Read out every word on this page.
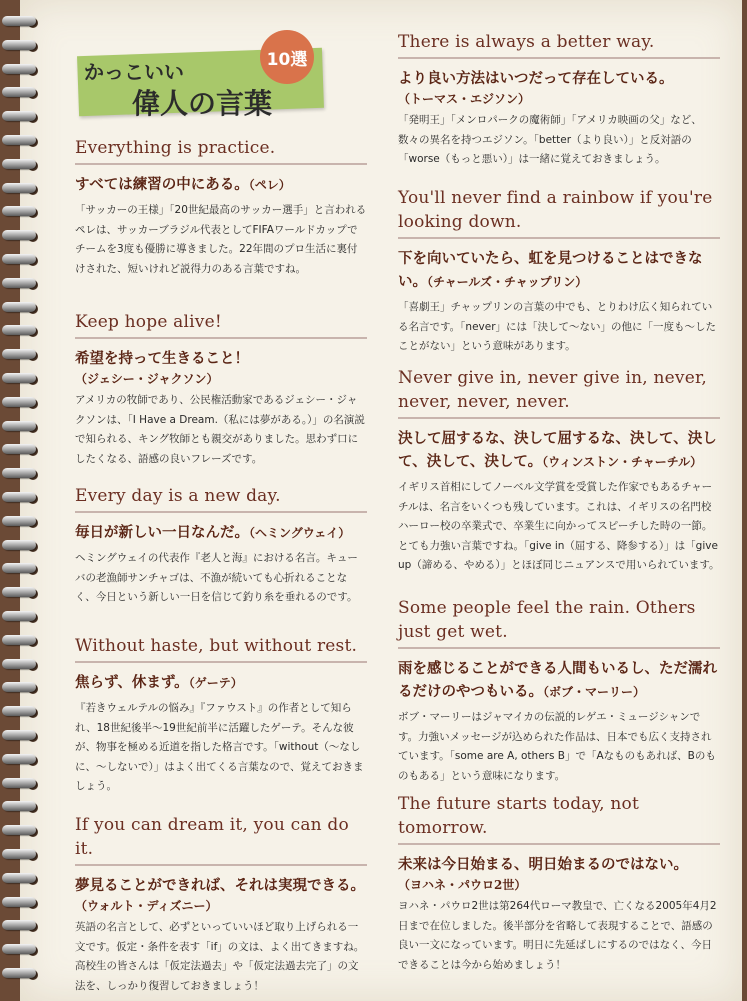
かっこいい
偉人の言葉
10選
Everything is practice.
すべては練習の中にある。（ペレ）
「サッカーの王様」「20世紀最高のサッカー選手」と言われるペレは、サッカーブラジル代表としてFIFAワールドカップでチームを3度も優勝に導きました。22年間のプロ生活に裏付けされた、短いけれど説得力のある言葉ですね。
Keep hope alive!
希望を持って生きること！
（ジェシー・ジャクソン）
アメリカの牧師であり、公民権活動家であるジェシー・ジャクソンは、「I Have a Dream.（私には夢がある。）」の名演説で知られる、キング牧師とも親交がありました。思わず口にしたくなる、語感の良いフレーズです。
Every day is a new day.
毎日が新しい一日なんだ。（ヘミングウェイ）
ヘミングウェイの代表作『老人と海』における名言。キューバの老漁師サンチャゴは、不漁が続いても心折れることなく、今日という新しい一日を信じて釣り糸を垂れるのです。
Without haste, but without rest.
焦らず、休まず。（ゲーテ）
『若きウェルテルの悩み』『ファウスト』の作者として知られ、18世紀後半〜19世紀前半に活躍したゲーテ。そんな彼が、物事を極める近道を指した格言です。「without（〜なしに、〜しないで）」はよく出てくる言葉なので、覚えておきましょう。
If you can dream it, you can do it.
夢見ることができれば、それは実現できる。
（ウォルト・ディズニー）
英語の名言として、必ずといっていいほど取り上げられる一文です。仮定・条件を表す「if」の文は、よく出てきますね。高校生の皆さんは「仮定法過去」や「仮定法過去完了」の文法を、しっかり復習しておきましょう！
There is always a better way.
より良い方法はいつだって存在している。
（トーマス・エジソン）
「発明王」「メンロパークの魔術師」「アメリカ映画の父」など、数々の異名を持つエジソン。「better（より良い）」と反対語の「worse（もっと悪い）」は一緒に覚えておきましょう。
You'll never find a rainbow if you're looking down.
下を向いていたら、虹を見つけることはできない。（チャールズ・チャップリン）
「喜劇王」チャップリンの言葉の中でも、とりわけ広く知られている名言です。「never」には「決して〜ない」の他に「一度も〜したことがない」という意味があります。
Never give in, never give in, never, never, never, never.
決して屈するな、決して屈するな、決して、決して、決して、決して。（ウィンストン・チャーチル）
イギリス首相にしてノーベル文学賞を受賞した作家でもあるチャーチルは、名言をいくつも残しています。これは、イギリスの名門校ハーロー校の卒業式で、卒業生に向かってスピーチした時の一節。とても力強い言葉ですね。「give in（屈する、降参する）」は「give up（諦める、やめる）」とほぼ同じニュアンスで用いられています。
Some people feel the rain. Others just get wet.
雨を感じることができる人間もいるし、ただ濡れるだけのやつもいる。（ボブ・マーリー）
ボブ・マーリーはジャマイカの伝説的レゲエ・ミュージシャンです。力強いメッセージが込められた作品は、日本でも広く支持されています。「some are A, others B」で「Aなものもあれば、Bのものもある」という意味になります。
The future starts today, not tomorrow.
未来は今日始まる、明日始まるのではない。
（ヨハネ・パウロ2世）
ヨハネ・パウロ2世は第264代ローマ教皇で、亡くなる2005年4月2日まで在位しました。後半部分を省略して表現することで、語感の良い一文になっています。明日に先延ばしにするのではなく、今日できることは今から始めましょう！
